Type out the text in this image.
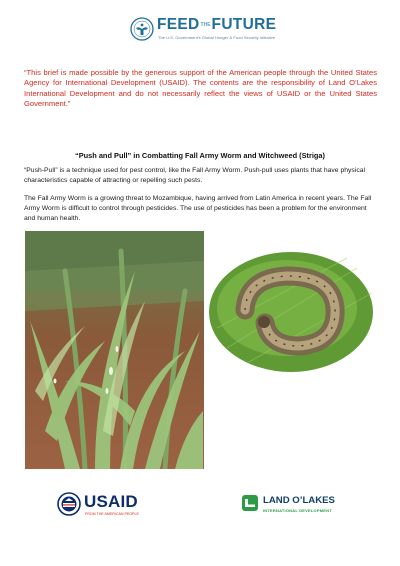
FEEDTHEFUTURE
The U.S. Government's Global Hunger & Food Security Initiative

“This brief is made possible by the generous support of the American people through the United States Agency for International Development (USAID). The contents are the responsibility of Land O’Lakes International Development and do not necessarily reflect the views of USAID or the United States Government.”

“Push and Pull” in Combatting Fall Army Worm and Witchweed (Striga)

“Push-Pull” is a technique used for pest control, like the Fall Army Worm. Push-pull uses plants that have physical characteristics capable of attracting or repelling such pests.

The Fall Army Worm is a growing threat to Mozambique, having arrived from Latin America in recent years. The Fall Army Worm is difficult to control through pesticides. The use of pesticides has been a problem for the environment and human health.

USAID
FROM THE AMERICAN PEOPLE
LAND O’LAKES
INTERNATIONAL DEVELOPMENT
